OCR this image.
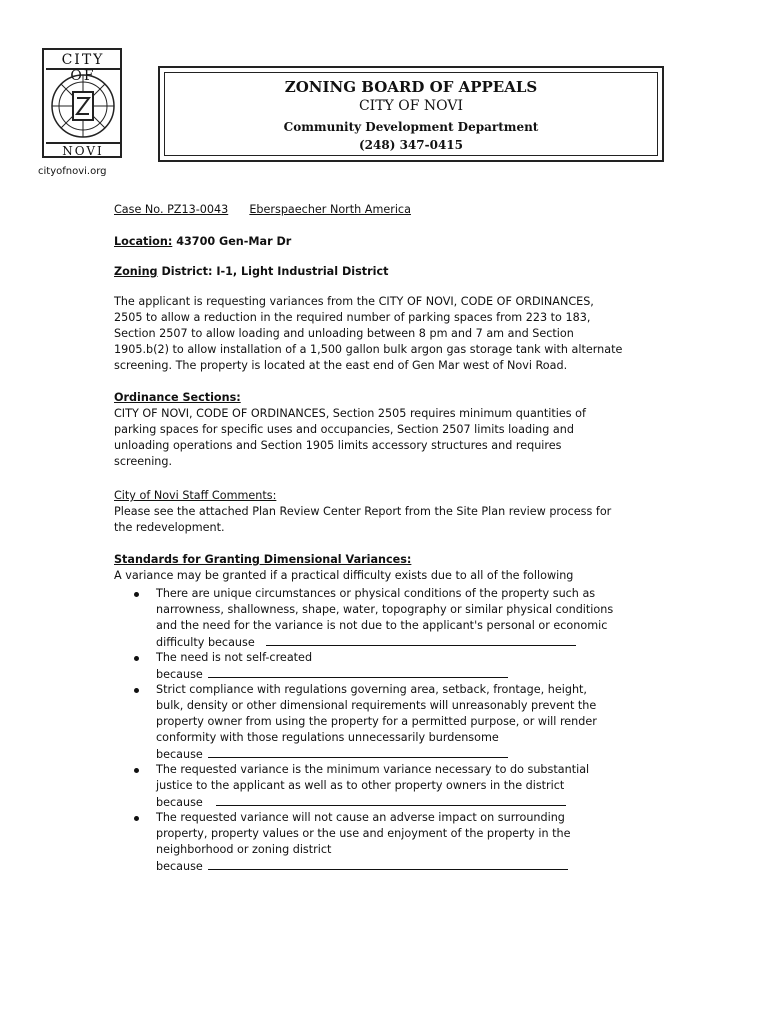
CITY OF
NOVI
cityofnovi.org
ZONING BOARD OF APPEALS
CITY OF NOVI
Community Development Department
(248) 347-0415
Case No. PZ13-0043 Eberspaecher North America
Location: 43700 Gen-Mar Dr
Zoning District: I-1, Light Industrial District
The applicant is requesting variances from the CITY OF NOVI, CODE OF ORDINANCES,
2505 to allow a reduction in the required number of parking spaces from 223 to 183,
Section 2507 to allow loading and unloading between 8 pm and 7 am and Section
1905.b(2) to allow installation of a 1,500 gallon bulk argon gas storage tank with alternate
screening. The property is located at the east end of Gen Mar west of Novi Road.
Ordinance Sections:
CITY OF NOVI, CODE OF ORDINANCES, Section 2505 requires minimum quantities of
parking spaces for specific uses and occupancies, Section 2507 limits loading and
unloading operations and Section 1905 limits accessory structures and requires
screening.
City of Novi Staff Comments:
Please see the attached Plan Review Center Report from the Site Plan review process for
the redevelopment.
Standards for Granting Dimensional Variances:
A variance may be granted if a practical difficulty exists due to all of the following
There are unique circumstances or physical conditions of the property such as
narrowness, shallowness, shape, water, topography or similar physical conditions
and the need for the variance is not due to the applicant's personal or economic
difficulty because
The need is not self-created
because
Strict compliance with regulations governing area, setback, frontage, height,
bulk, density or other dimensional requirements will unreasonably prevent the
property owner from using the property for a permitted purpose, or will render
conformity with those regulations unnecessarily burdensome
because
The requested variance is the minimum variance necessary to do substantial
justice to the applicant as well as to other property owners in the district
because
The requested variance will not cause an adverse impact on surrounding
property, property values or the use and enjoyment of the property in the
neighborhood or zoning district
because
